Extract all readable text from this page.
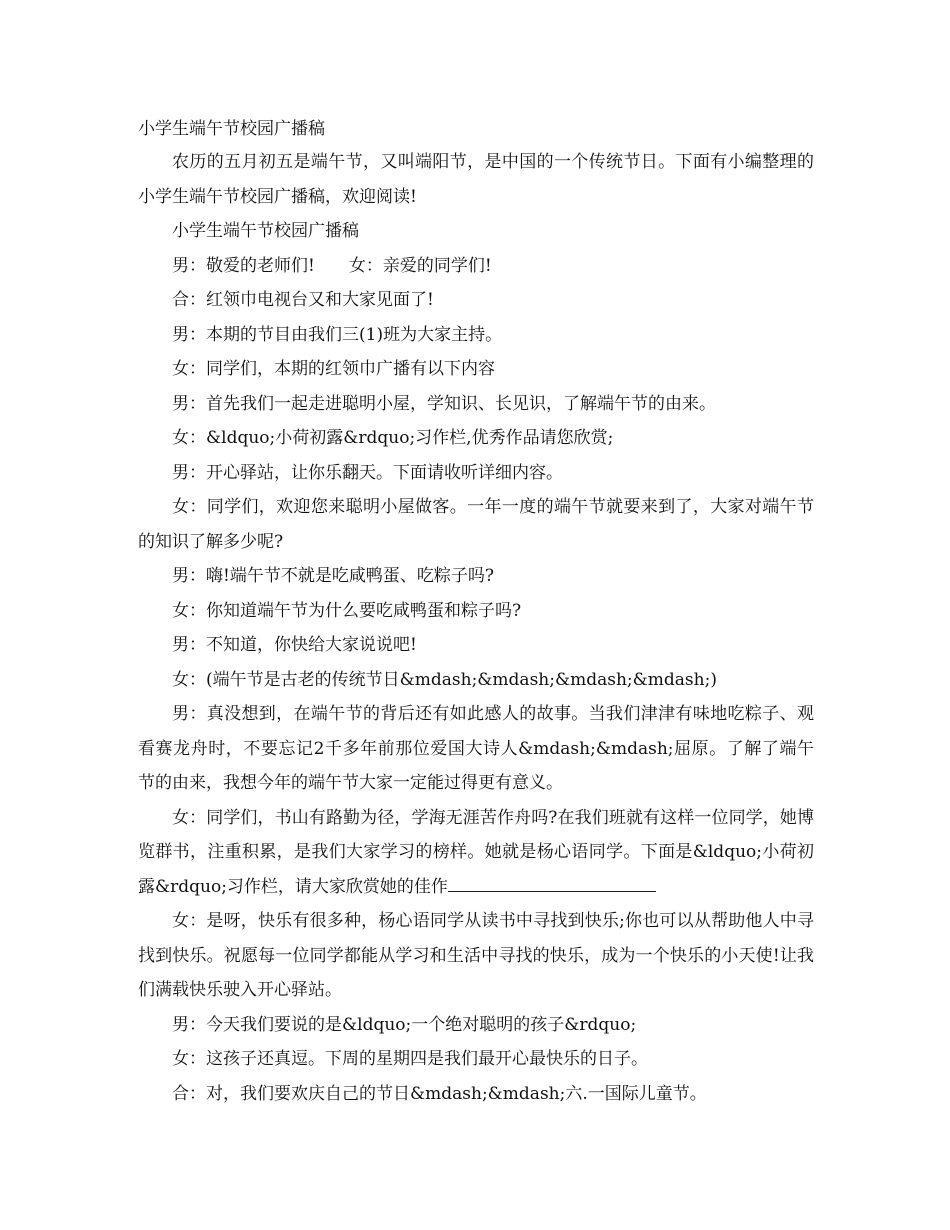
小学生端午节校园广播稿

农历的五月初五是端午节，又叫端阳节，是中国的一个传统节日。下面有小编整理的小学生端午节校园广播稿，欢迎阅读!

小学生端午节校园广播稿

男：敬爱的老师们!　　女：亲爱的同学们!

合：红领巾电视台又和大家见面了!

男：本期的节目由我们三(1)班为大家主持。

女：同学们，本期的红领巾广播有以下内容

男：首先我们一起走进聪明小屋，学知识、长见识，了解端午节的由来。

女：&ldquo;小荷初露&rdquo;习作栏,优秀作品请您欣赏;

男：开心驿站，让你乐翻天。下面请收听详细内容。

女：同学们，欢迎您来聪明小屋做客。一年一度的端午节就要来到了，大家对端午节的知识了解多少呢?

男：嗨!端午节不就是吃咸鸭蛋、吃粽子吗?

女：你知道端午节为什么要吃咸鸭蛋和粽子吗?

男：不知道，你快给大家说说吧!

女：(端午节是古老的传统节日&mdash;&mdash;&mdash;&mdash;)

男：真没想到，在端午节的背后还有如此感人的故事。当我们津津有味地吃粽子、观看赛龙舟时，不要忘记2千多年前那位爱国大诗人&mdash;&mdash;屈原。了解了端午节的由来，我想今年的端午节大家一定能过得更有意义。

女：同学们，书山有路勤为径，学海无涯苦作舟吗?在我们班就有这样一位同学，她博览群书，注重积累，是我们大家学习的榜样。她就是杨心语同学。下面是&ldquo;小荷初露&rdquo;习作栏，请大家欣赏她的佳作

女：是呀，快乐有很多种，杨心语同学从读书中寻找到快乐;你也可以从帮助他人中寻找到快乐。祝愿每一位同学都能从学习和生活中寻找的快乐，成为一个快乐的小天使!让我们满载快乐驶入开心驿站。

男：今天我们要说的是&ldquo;一个绝对聪明的孩子&rdquo;

女：这孩子还真逗。下周的星期四是我们最开心最快乐的日子。

合：对，我们要欢庆自己的节日&mdash;&mdash;六.一国际儿童节。
